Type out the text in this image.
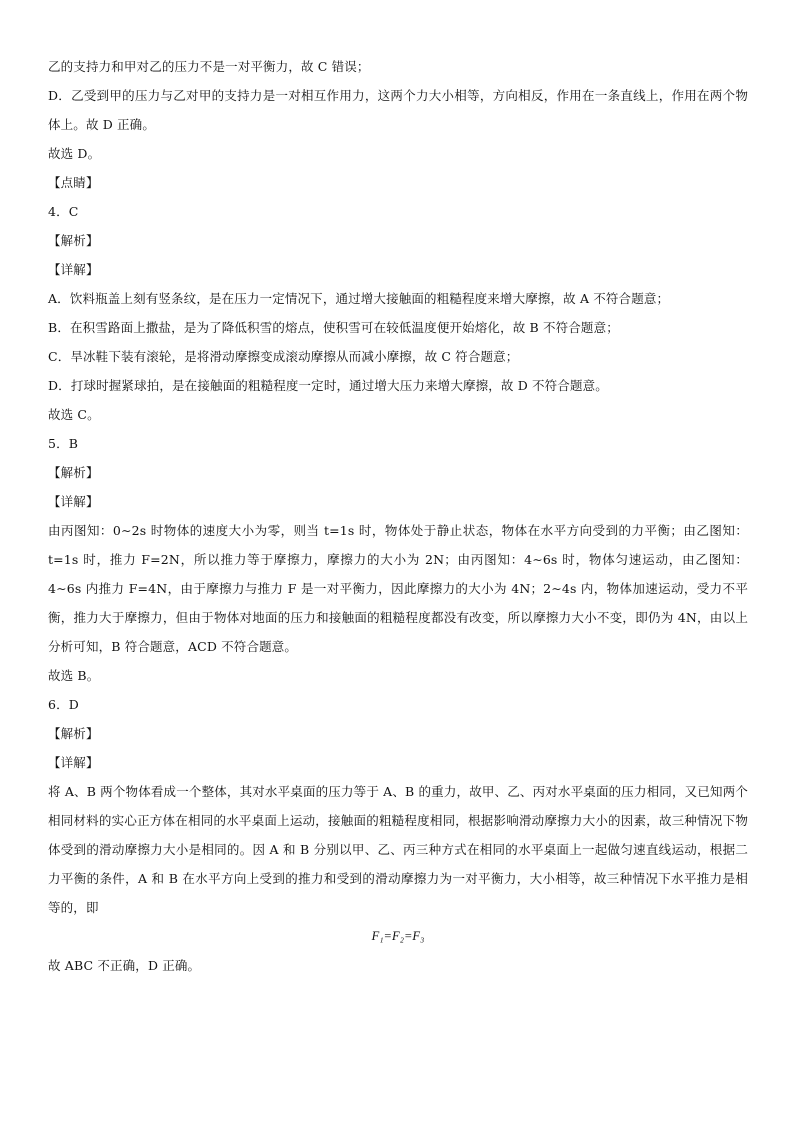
乙的支持力和甲对乙的压力不是一对平衡力，故 C 错误；
D．乙受到甲的压力与乙对甲的支持力是一对相互作用力，这两个力大小相等，方向相反，作用在一条直线上，作用在两个物体上。故 D 正确。
故选 D。
【点睛】
4．C
【解析】
【详解】
A．饮料瓶盖上刻有竖条纹，是在压力一定情况下，通过增大接触面的粗糙程度来增大摩擦，故 A 不符合题意；
B．在积雪路面上撒盐，是为了降低积雪的熔点，使积雪可在较低温度便开始熔化，故 B 不符合题意；
C．旱冰鞋下装有滚轮，是将滑动摩擦变成滚动摩擦从而减小摩擦，故 C 符合题意；
D．打球时握紧球拍，是在接触面的粗糙程度一定时，通过增大压力来增大摩擦，故 D 不符合题意。
故选 C。
5．B
【解析】
【详解】
由丙图知：0∼2s 时物体的速度大小为零，则当 t=1s 时，物体处于静止状态，物体在水平方向受到的力平衡；由乙图知：t=1s 时，推力 F=2N，所以推力等于摩擦力，摩擦力的大小为 2N；由丙图知：4∼6s 时，物体匀速运动，由乙图知：4∼6s 内推力 F=4N，由于摩擦力与推力 F 是一对平衡力，因此摩擦力的大小为 4N；2∼4s 内，物体加速运动，受力不平衡，推力大于摩擦力，但由于物体对地面的压力和接触面的粗糙程度都没有改变，所以摩擦力大小不变，即仍为 4N，由以上分析可知，B 符合题意，ACD 不符合题意。
故选 B。
6．D
【解析】
【详解】
将 A、B 两个物体看成一个整体，其对水平桌面的压力等于 A、B 的重力，故甲、乙、丙对水平桌面的压力相同，又已知两个相同材料的实心正方体在相同的水平桌面上运动，接触面的粗糙程度相同，根据影响滑动摩擦力大小的因素，故三种情况下物体受到的滑动摩擦力大小是相同的。因 A 和 B 分别以甲、乙、丙三种方式在相同的水平桌面上一起做匀速直线运动，根据二力平衡的条件，A 和 B 在水平方向上受到的推力和受到的滑动摩擦力为一对平衡力，大小相等，故三种情况下水平推力是相等的，即
F₁=F₂=F₃
故 ABC 不正确，D 正确。
